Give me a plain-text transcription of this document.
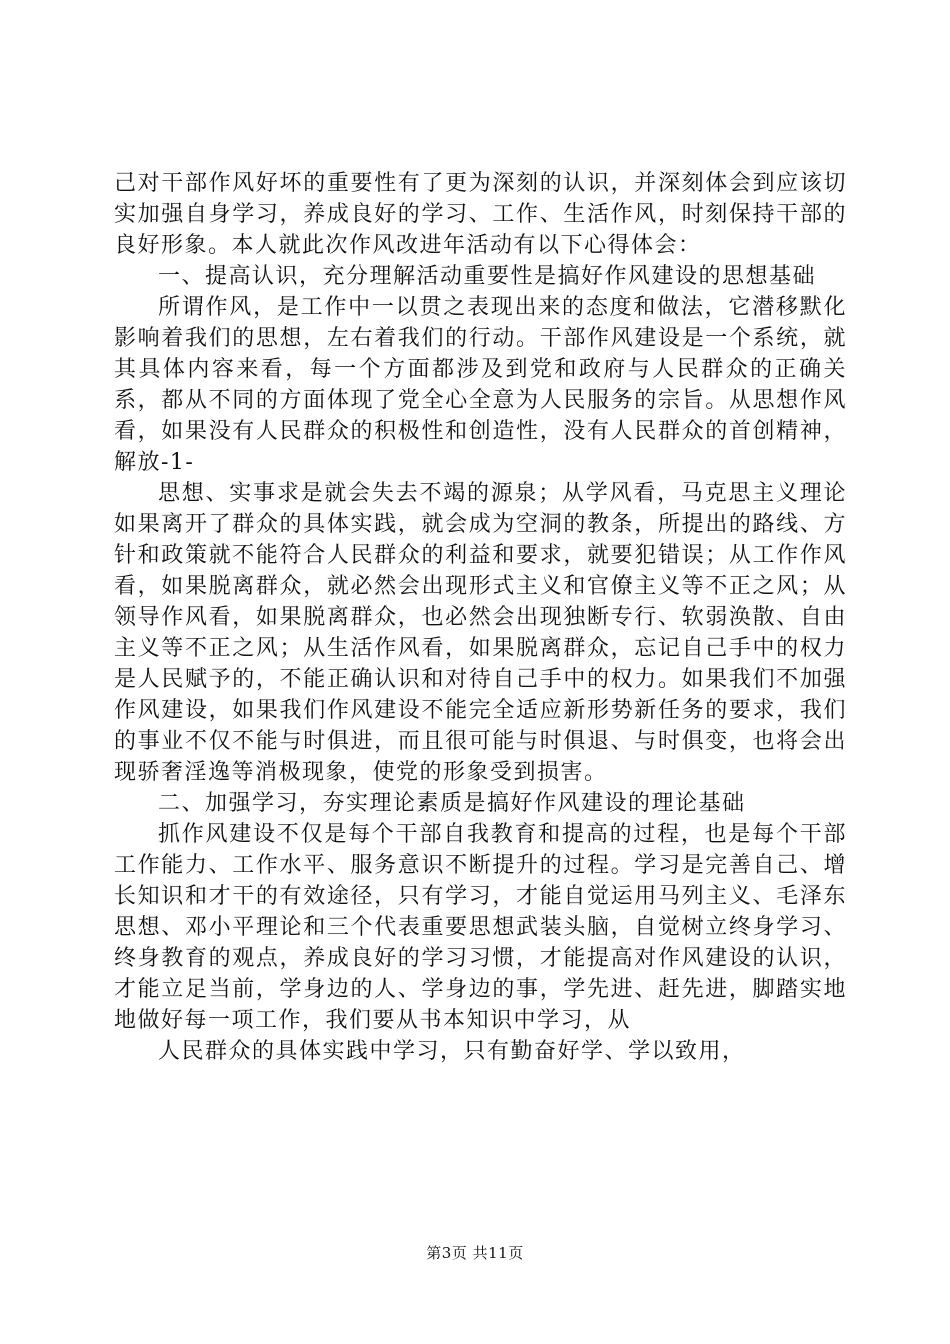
己对干部作风好坏的重要性有了更为深刻的认识，并深刻体会到应该切实加强自身学习，养成良好的学习、工作、生活作风，时刻保持干部的良好形象。本人就此次作风改进年活动有以下心得体会：

一、提高认识，充分理解活动重要性是搞好作风建设的思想基础

所谓作风，是工作中一以贯之表现出来的态度和做法，它潜移默化影响着我们的思想，左右着我们的行动。干部作风建设是一个系统，就其具体内容来看，每一个方面都涉及到党和政府与人民群众的正确关系，都从不同的方面体现了党全心全意为人民服务的宗旨。从思想作风看，如果没有人民群众的积极性和创造性，没有人民群众的首创精神，解放-1-

思想、实事求是就会失去不竭的源泉；从学风看，马克思主义理论如果离开了群众的具体实践，就会成为空洞的教条，所提出的路线、方针和政策就不能符合人民群众的利益和要求，就要犯错误；从工作作风看，如果脱离群众，就必然会出现形式主义和官僚主义等不正之风；从领导作风看，如果脱离群众，也必然会出现独断专行、软弱涣散、自由主义等不正之风；从生活作风看，如果脱离群众，忘记自己手中的权力是人民赋予的，不能正确认识和对待自己手中的权力。如果我们不加强作风建设，如果我们作风建设不能完全适应新形势新任务的要求，我们的事业不仅不能与时俱进，而且很可能与时俱退、与时俱变，也将会出现骄奢淫逸等消极现象，使党的形象受到损害。

二、加强学习，夯实理论素质是搞好作风建设的理论基础

抓作风建设不仅是每个干部自我教育和提高的过程，也是每个干部工作能力、工作水平、服务意识不断提升的过程。学习是完善自己、增长知识和才干的有效途径，只有学习，才能自觉运用马列主义、毛泽东思想、邓小平理论和三个代表重要思想武装头脑，自觉树立终身学习、终身教育的观点，养成良好的学习习惯，才能提高对作风建设的认识，才能立足当前，学身边的人、学身边的事，学先进、赶先进，脚踏实地地做好每一项工作，我们要从书本知识中学习，从

人民群众的具体实践中学习，只有勤奋好学、学以致用，

第3页 共11页
